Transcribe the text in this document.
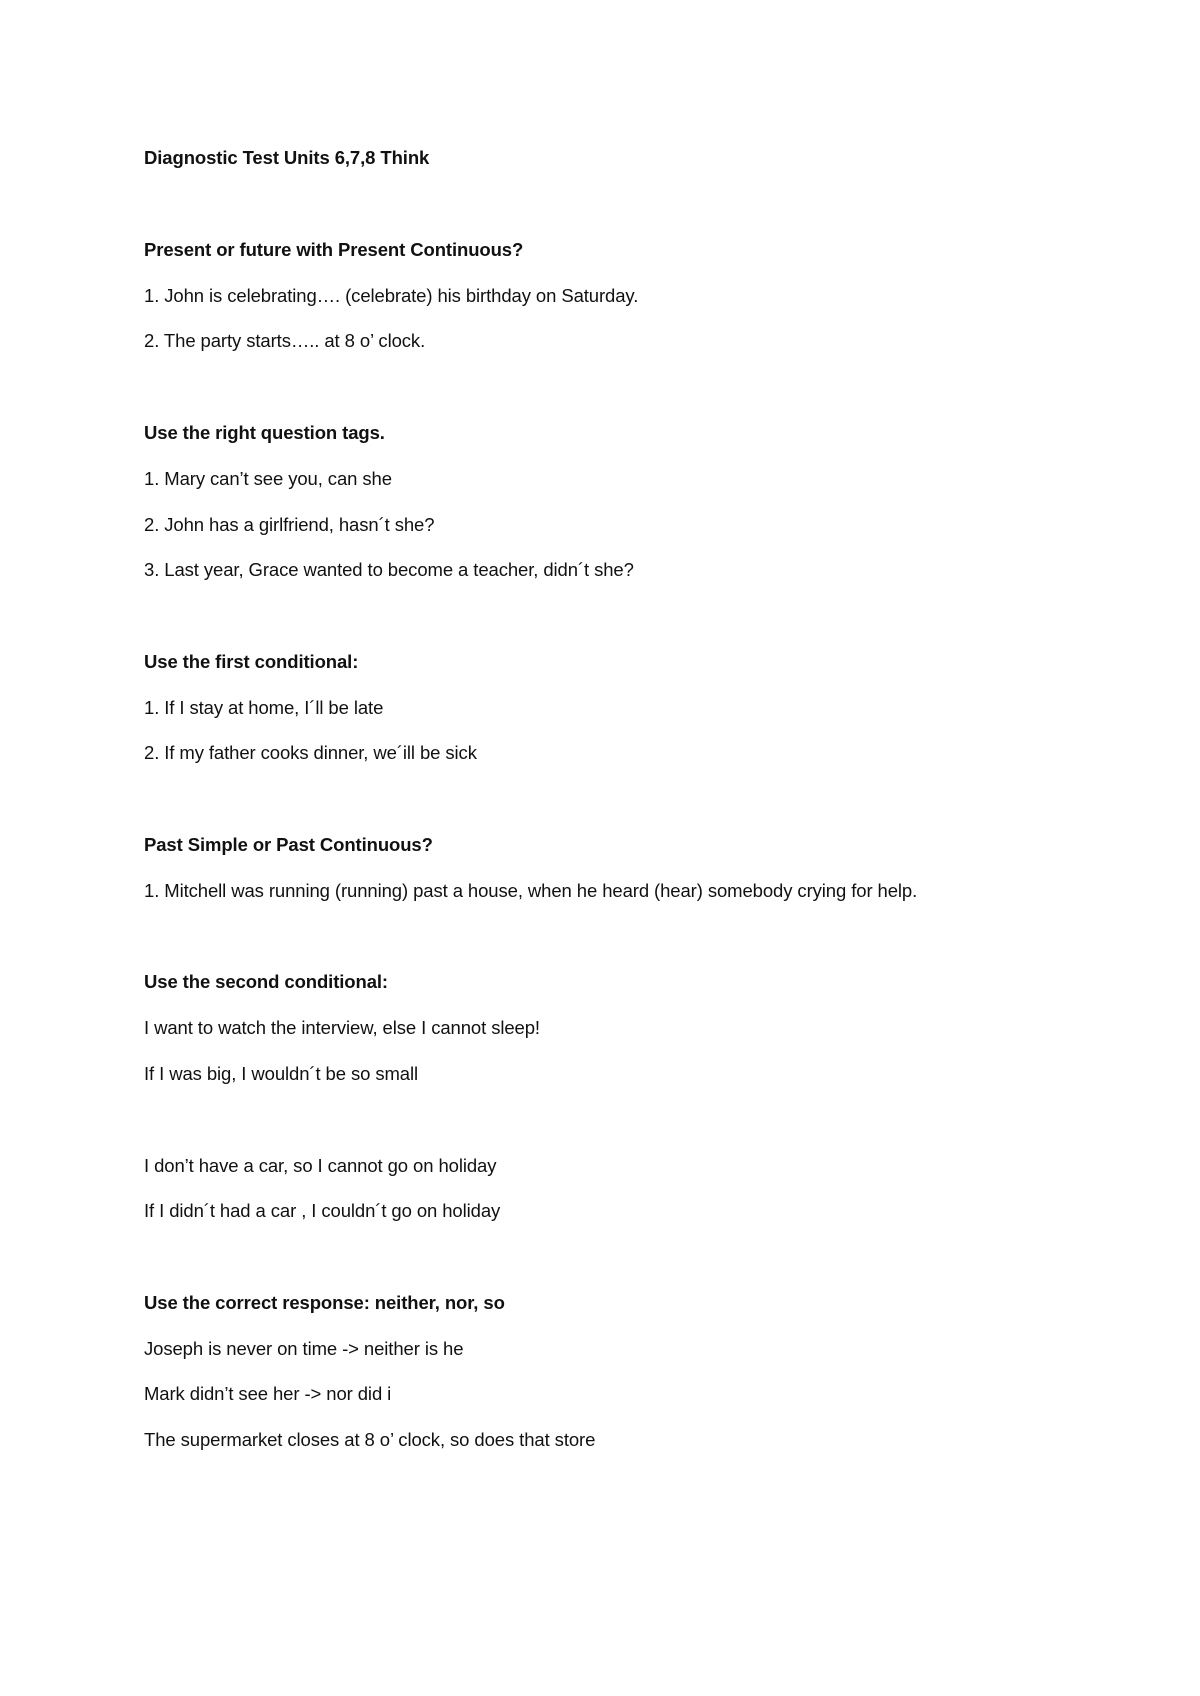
Diagnostic Test Units 6,7,8 Think
Present or future with Present Continuous?
1. John is celebrating…. (celebrate) his birthday on Saturday.
2. The party starts….. at 8 o’ clock.
Use the right question tags.
1. Mary can’t see you, can she
2. John has a girlfriend, hasn´t she?
3. Last year, Grace wanted to become a teacher, didn´t she?
Use the first conditional:
1. If I stay at home, I´ll be late
2. If my father cooks dinner, we´ill be sick
Past Simple or Past Continuous?
1. Mitchell was running (running) past a house, when he heard (hear) somebody crying for help.
Use the second conditional:
I want to watch the interview, else I cannot sleep!
If I was big, I wouldn´t be so small
I don’t have a car, so I cannot go on holiday
If I didn´t had a car , I couldn´t go on holiday
Use the correct response: neither, nor, so
Joseph is never on time -> neither is he
Mark didn’t see her -> nor did i
The supermarket closes at 8 o’ clock, so does that store
